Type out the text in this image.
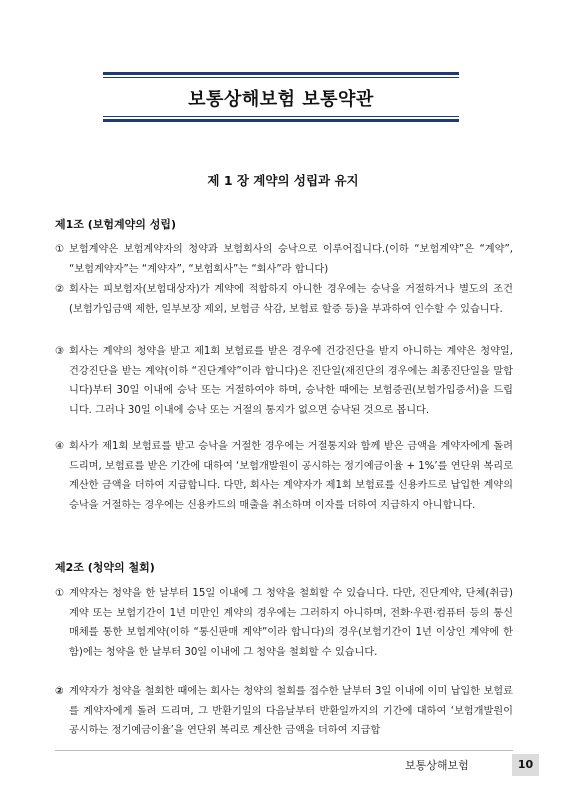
보통상해보험 보통약관
제 1 장 계약의 성립과 유지
제1조 (보험계약의 성립)
① 보험계약은 보험계약자의 청약과 보험회사의 승낙으로 이루어집니다.(이하 “보험계약”은 “계약”, “보험계약자”는 “계약자”, “보험회사”는 “회사”라 합니다)
② 회사는 피보험자(보험대상자)가 계약에 적합하지 아니한 경우에는 승낙을 거절하거나 별도의 조건(보험가입금액 제한, 일부보장 제외, 보험금 삭감, 보험료 할증 등)을 부과하여 인수할 수 있습니다.
③ 회사는 계약의 청약을 받고 제1회 보험료를 받은 경우에 건강진단을 받지 아니하는 계약은 청약일, 건강진단을 받는 계약(이하 “진단계약”이라 합니다)은 진단일(재진단의 경우에는 최종진단일을 말합니다)부터 30일 이내에 승낙 또는 거절하여야 하며, 승낙한 때에는 보험증권(보험가입증서)을 드립니다. 그러나 30일 이내에 승낙 또는 거절의 통지가 없으면 승낙된 것으로 봅니다.
④ 회사가 제1회 보험료를 받고 승낙을 거절한 경우에는 거절통지와 함께 받은 금액을 계약자에게 돌려 드리며, 보험료를 받은 기간에 대하여 ‘보험개발원이 공시하는 정기예금이율 + 1%’를 연단위 복리로 계산한 금액을 더하여 지급합니다. 다만, 회사는 계약자가 제1회 보험료를 신용카드로 납입한 계약의 승낙을 거절하는 경우에는 신용카드의 매출을 취소하며 이자를 더하여 지급하지 아니합니다.
제2조 (청약의 철회)
① 계약자는 청약을 한 날부터 15일 이내에 그 청약을 철회할 수 있습니다. 다만, 진단계약, 단체(취급)계약 또는 보험기간이 1년 미만인 계약의 경우에는 그러하지 아니하며, 전화·우편·컴퓨터 등의 통신매체를 통한 보험계약(이하 “통신판매 계약”이라 합니다)의 경우(보험기간이 1년 이상인 계약에 한함)에는 청약을 한 날부터 30일 이내에 그 청약을 철회할 수 있습니다.
② 계약자가 청약을 철회한 때에는 회사는 청약의 철회를 접수한 날부터 3일 이내에 이미 납입한 보험료를 계약자에게 돌려 드리며, 그 반환기일의 다음날부터 반환일까지의 기간에 대하여 ‘보험개발원이 공시하는 정기예금이율’을 연단위 복리로 계산한 금액을 더하여 지급합
보통상해보험	10
